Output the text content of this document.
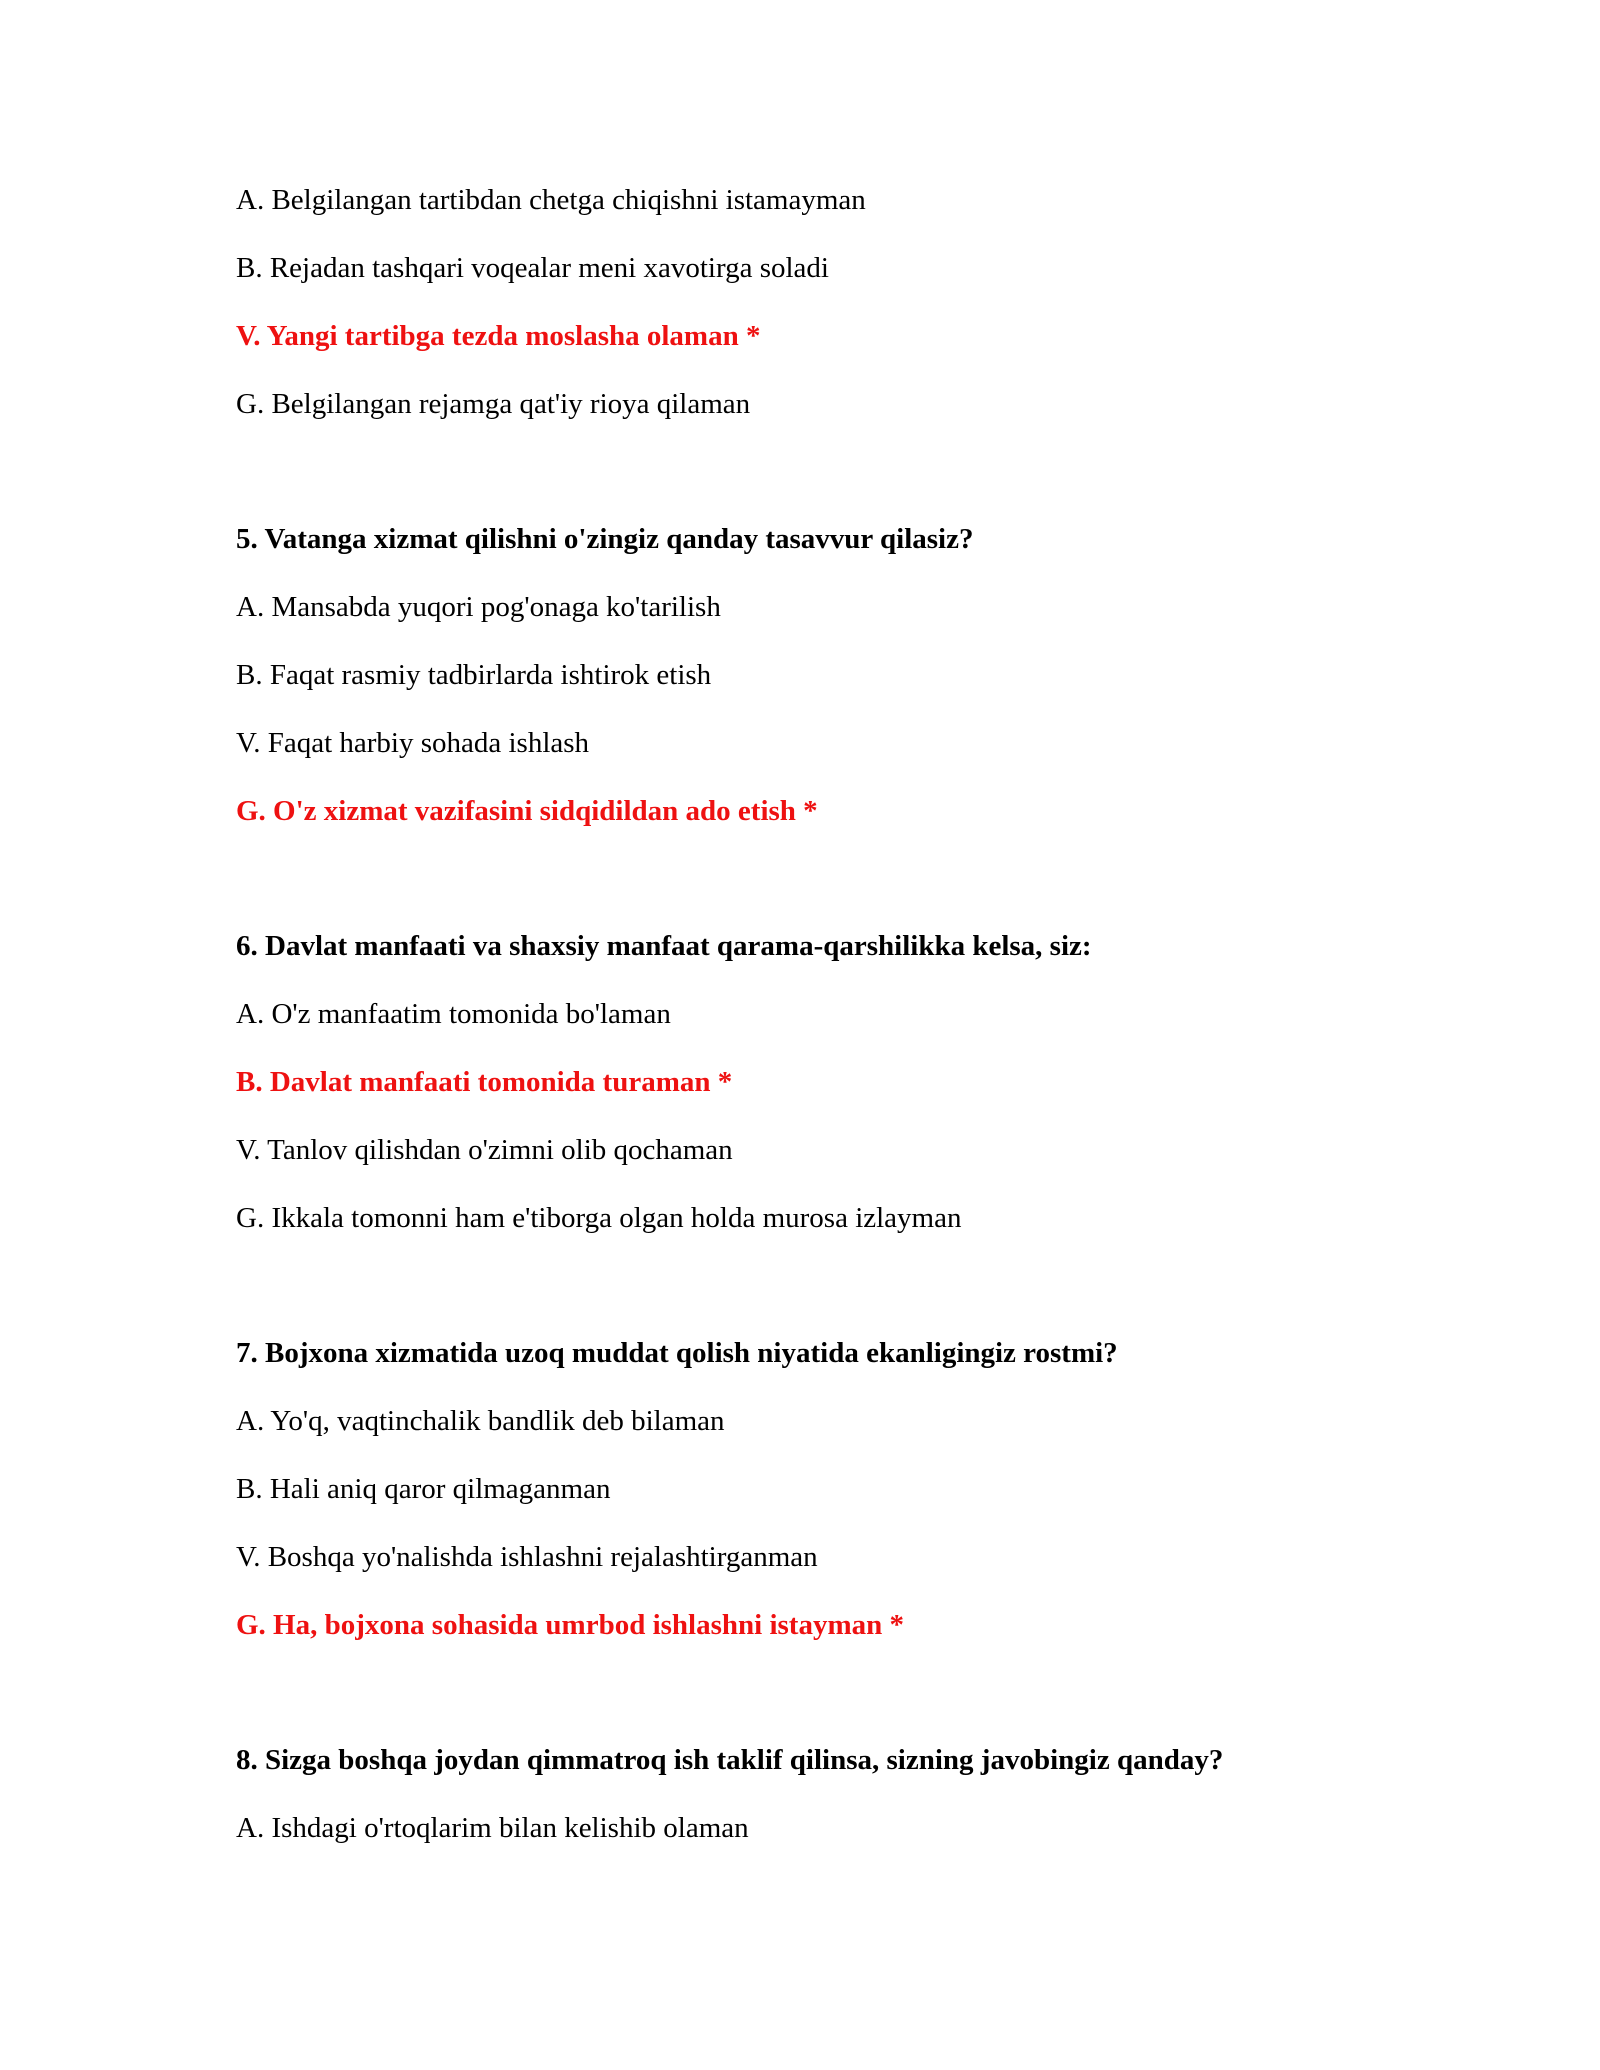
A. Belgilangan tartibdan chetga chiqishni istamayman

B. Rejadan tashqari voqealar meni xavotirga soladi

V. Yangi tartibga tezda moslasha olaman *

G. Belgilangan rejamga qat'iy rioya qilaman

5. Vatanga xizmat qilishni o'zingiz qanday tasavvur qilasiz?

A. Mansabda yuqori pog'onaga ko'tarilish

B. Faqat rasmiy tadbirlarda ishtirok etish

V. Faqat harbiy sohada ishlash

G. O'z xizmat vazifasini sidqidildan ado etish *

6. Davlat manfaati va shaxsiy manfaat qarama-qarshilikka kelsa, siz:

A. O'z manfaatim tomonida bo'laman

B. Davlat manfaati tomonida turaman *

V. Tanlov qilishdan o'zimni olib qochaman

G. Ikkala tomonni ham e'tiborga olgan holda murosa izlayman

7. Bojxona xizmatida uzoq muddat qolish niyatida ekanligingiz rostmi?

A. Yo'q, vaqtinchalik bandlik deb bilaman

B. Hali aniq qaror qilmaganman

V. Boshqa yo'nalishda ishlashni rejalashtirganman

G. Ha, bojxona sohasida umrbod ishlashni istayman *

8. Sizga boshqa joydan qimmatroq ish taklif qilinsa, sizning javobingiz qanday?

A. Ishdagi o'rtoqlarim bilan kelishib olaman
